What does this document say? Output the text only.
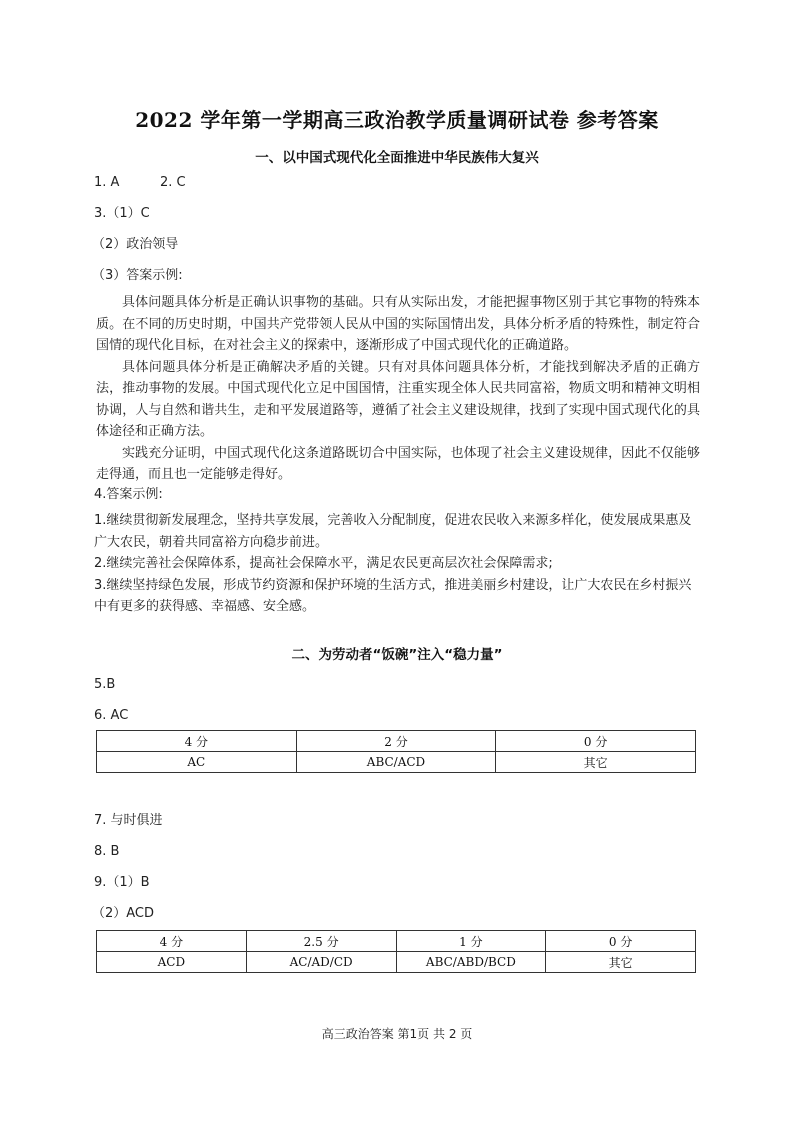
2022 学年第一学期高三政治教学质量调研试卷 参考答案
一、以中国式现代化全面推进中华民族伟大复兴
1. A	2. C
3.（1）C
（2）政治领导
（3）答案示例:

具体问题具体分析是正确认识事物的基础。只有从实际出发，才能把握事物区别于其它事物的特殊本质。在不同的历史时期，中国共产党带领人民从中国的实际国情出发，具体分析矛盾的特殊性，制定符合国情的现代化目标，在对社会主义的探索中，逐渐形成了中国式现代化的正确道路。

具体问题具体分析是正确解决矛盾的关键。只有对具体问题具体分析，才能找到解决矛盾的正确方法，推动事物的发展。中国式现代化立足中国国情，注重实现全体人民共同富裕，物质文明和精神文明相协调，人与自然和谐共生，走和平发展道路等，遵循了社会主义建设规律，找到了实现中国式现代化的具体途径和正确方法。

实践充分证明，中国式现代化这条道路既切合中国实际，也体现了社会主义建设规律，因此不仅能够走得通，而且也一定能够走得好。

4.答案示例:

1.继续贯彻新发展理念，坚持共享发展，完善收入分配制度，促进农民收入来源多样化，使发展成果惠及广大农民，朝着共同富裕方向稳步前进。

2.继续完善社会保障体系，提高社会保障水平，满足农民更高层次社会保障需求;

3.继续坚持绿色发展，形成节约资源和保护环境的生活方式，推进美丽乡村建设，让广大农民在乡村振兴中有更多的获得感、幸福感、安全感。

二、为劳动者“饭碗”注入“稳力量”
5.B
6. AC
4 分	2 分	0 分
AC	ABC/ACD	其它
7. 与时俱进
8. B
9.（1）B
（2）ACD
4 分	2.5 分	1 分	0 分
ACD	AC/AD/CD	ABC/ABD/BCD	其它
高三政治答案 第1页 共 2 页
